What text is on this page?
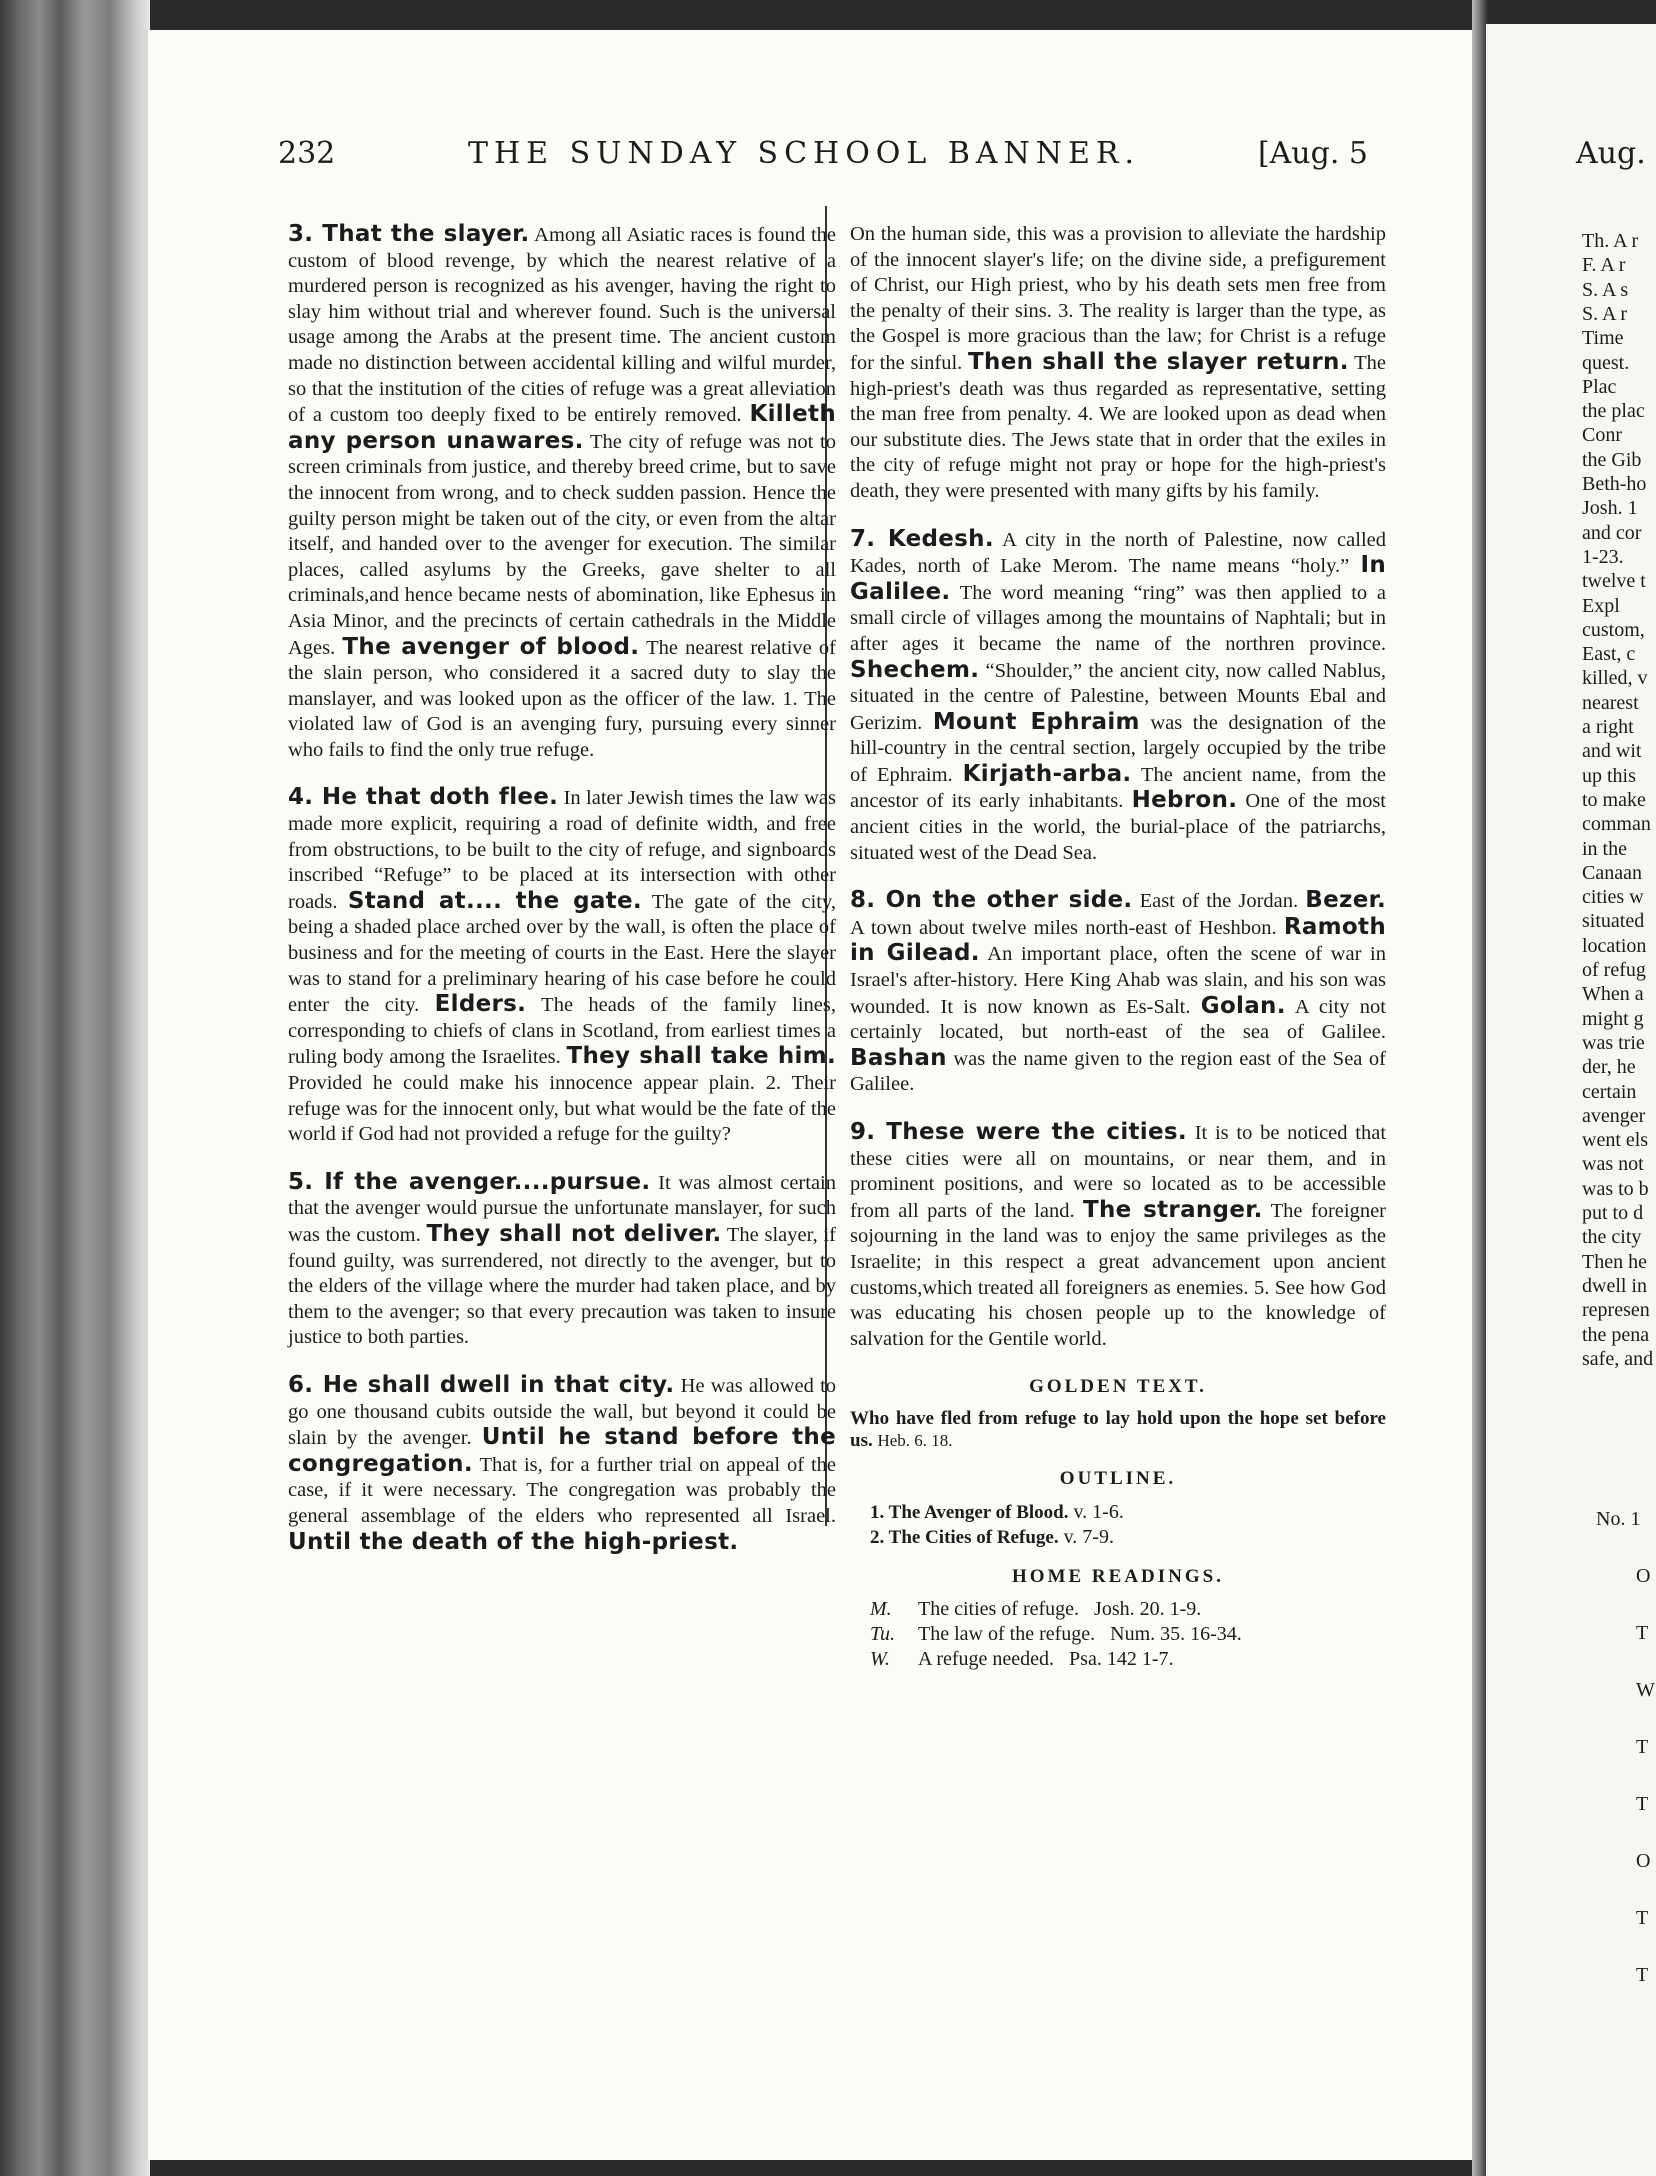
Aug.
Th. A r
F. A r
S. A s
S. A r
Time
quest.
Plac
the plac
Conr
the Gib
Beth-ho
Josh. 1
and cor
1-23.
twelve t
Expl
custom,
East, c
killed, v
nearest
a right
and wit
up this
to make
comman
in the
Canaan
cities w
situated
location
of refug
When a
might g
was trie
der, he
certain
avenger
went els
was not
was to b
put to d
the city
Then he
dwell in
represen
the pena
safe, and
No. 1
O
T
W
T
T
O
T
T
232	THE SUNDAY SCHOOL BANNER.	[Aug. 5

3. That the slayer. Among all Asiatic races is found the custom of blood revenge, by which the nearest relative of a murdered person is recognized as his avenger, having the right to slay him without trial and wherever found. Such is the universal usage among the Arabs at the present time. The ancient custom made no distinction between accidental killing and wilful murder, so that the institution of the cities of refuge was a great alleviation of a custom too deeply fixed to be entirely removed. Killeth any person unawares. The city of refuge was not to screen criminals from justice, and thereby breed crime, but to save the innocent from wrong, and to check sudden passion. Hence the guilty person might be taken out of the city, or even from the altar itself, and handed over to the avenger for execution. The similar places, called asylums by the Greeks, gave shelter to all criminals,and hence became nests of abomination, like Ephesus in Asia Minor, and the precincts of certain cathedrals in the Middle Ages. The avenger of blood. The nearest relative of the slain person, who considered it a sacred duty to slay the manslayer, and was looked upon as the officer of the law. 1. The violated law of God is an avenging fury, pursuing every sinner who fails to find the only true refuge.

4. He that doth flee. In later Jewish times the law was made more explicit, requiring a road of definite width, and free from obstructions, to be built to the city of refuge, and signboards inscribed “Refuge” to be placed at its intersection with other roads. Stand at.... the gate. The gate of the city, being a shaded place arched over by the wall, is often the place of business and for the meeting of courts in the East. Here the slayer was to stand for a preliminary hearing of his case before he could enter the city. Elders. The heads of the family lines, corresponding to chiefs of clans in Scotland, from earliest times a ruling body among the Israelites. They shall take him. Provided he could make his innocence appear plain. 2. Their refuge was for the innocent only, but what would be the fate of the world if God had not provided a refuge for the guilty?

5. If the avenger....pursue. It was almost certain that the avenger would pursue the unfortunate manslayer, for such was the custom. They shall not deliver. The slayer, if found guilty, was surrendered, not directly to the avenger, but to the elders of the village where the murder had taken place, and by them to the avenger; so that every precaution was taken to insure justice to both parties.

6. He shall dwell in that city. He was allowed to go one thousand cubits outside the wall, but beyond it could be slain by the avenger. Until he stand before the congregation. That is, for a further trial on appeal of the case, if it were necessary. The congregation was probably the general assemblage of the elders who represented all Israel. Until the death of the high-priest.

On the human side, this was a provision to alleviate the hardship of the innocent slayer's life; on the divine side, a prefigurement of Christ, our High priest, who by his death sets men free from the penalty of their sins. 3. The reality is larger than the type, as the Gospel is more gracious than the law; for Christ is a refuge for the sinful. Then shall the slayer return. The high-priest's death was thus regarded as representative, setting the man free from penalty. 4. We are looked upon as dead when our substitute dies. The Jews state that in order that the exiles in the city of refuge might not pray or hope for the high-priest's death, they were presented with many gifts by his family.

7. Kedesh. A city in the north of Palestine, now called Kades, north of Lake Merom. The name means “holy.” In Galilee. The word meaning “ring” was then applied to a small circle of villages among the mountains of Naphtali; but in after ages it became the name of the northren province. Shechem. “Shoulder,” the ancient city, now called Nablus, situated in the centre of Palestine, between Mounts Ebal and Gerizim. Mount Ephraim was the designation of the hill-country in the central section, largely occupied by the tribe of Ephraim. Kirjath-arba. The ancient name, from the ancestor of its early inhabitants. Hebron. One of the most ancient cities in the world, the burial-place of the patriarchs, situated west of the Dead Sea.

8. On the other side. East of the Jordan. Bezer. A town about twelve miles north-east of Heshbon. Ramoth in Gilead. An important place, often the scene of war in Israel's after-history. Here King Ahab was slain, and his son was wounded. It is now known as Es-Salt. Golan. A city not certainly located, but north-east of the sea of Galilee. Bashan was the name given to the region east of the Sea of Galilee.

9. These were the cities. It is to be noticed that these cities were all on mountains, or near them, and in prominent positions, and were so located as to be accessible from all parts of the land. The stranger. The foreigner sojourning in the land was to enjoy the same privileges as the Israelite; in this respect a great advancement upon ancient customs,which treated all foreigners as enemies. 5. See how God was educating his chosen people up to the knowledge of salvation for the Gentile world.

GOLDEN TEXT.
Who have fled from refuge to lay hold upon the hope set before us. Heb. 6. 18.
OUTLINE.
1. The Avenger of Blood. v. 1-6.
2. The Cities of Refuge. v. 7-9.
HOME READINGS.
M. The cities of refuge. Josh. 20. 1-9.
Tu. The law of the refuge. Num. 35. 16-34.
W. A refuge needed. Psa. 142 1-7.
